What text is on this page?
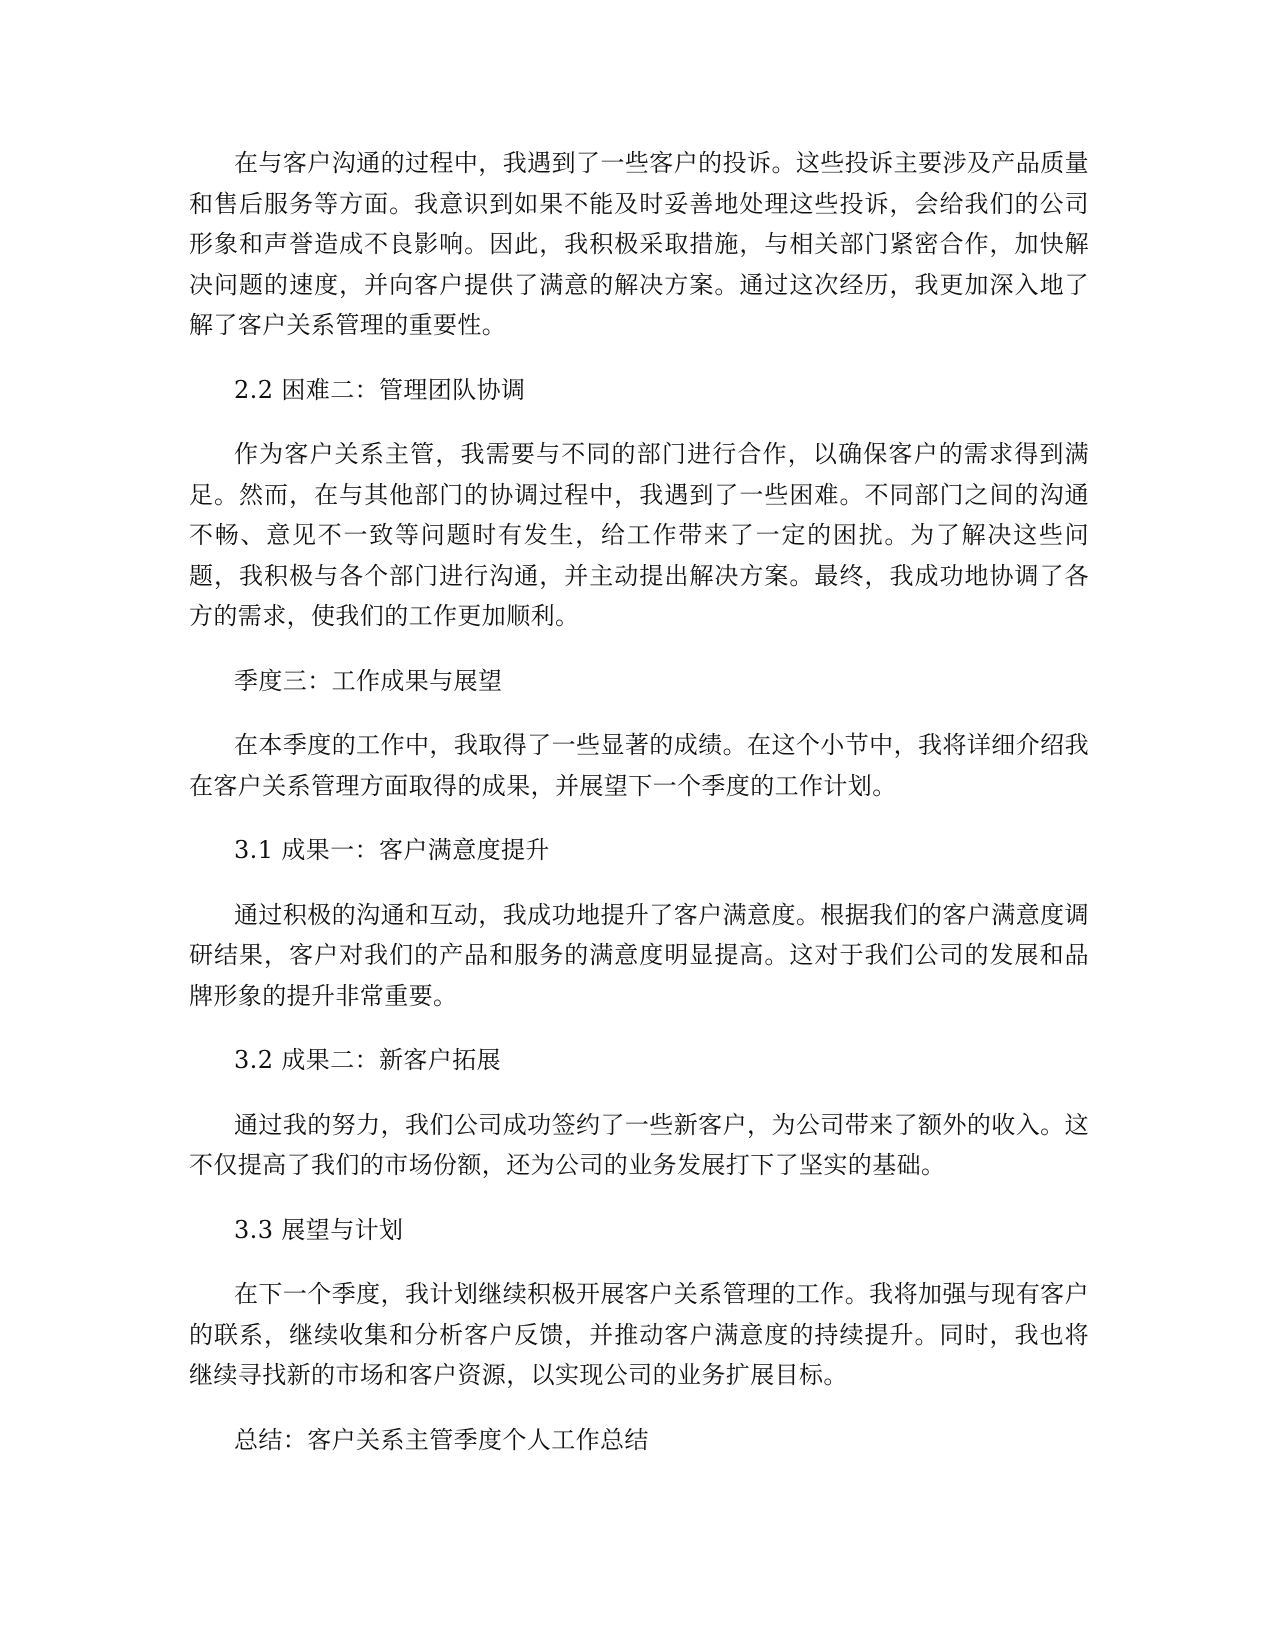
在与客户沟通的过程中，我遇到了一些客户的投诉。这些投诉主要涉及产品质量和售后服务等方面。我意识到如果不能及时妥善地处理这些投诉，会给我们的公司形象和声誉造成不良影响。因此，我积极采取措施，与相关部门紧密合作，加快解决问题的速度，并向客户提供了满意的解决方案。通过这次经历，我更加深入地了解了客户关系管理的重要性。

2.2 困难二：管理团队协调

作为客户关系主管，我需要与不同的部门进行合作，以确保客户的需求得到满足。然而，在与其他部门的协调过程中，我遇到了一些困难。不同部门之间的沟通不畅、意见不一致等问题时有发生，给工作带来了一定的困扰。为了解决这些问题，我积极与各个部门进行沟通，并主动提出解决方案。最终，我成功地协调了各方的需求，使我们的工作更加顺利。

季度三：工作成果与展望

在本季度的工作中，我取得了一些显著的成绩。在这个小节中，我将详细介绍我在客户关系管理方面取得的成果，并展望下一个季度的工作计划。

3.1 成果一：客户满意度提升

通过积极的沟通和互动，我成功地提升了客户满意度。根据我们的客户满意度调研结果，客户对我们的产品和服务的满意度明显提高。这对于我们公司的发展和品牌形象的提升非常重要。

3.2 成果二：新客户拓展

通过我的努力，我们公司成功签约了一些新客户，为公司带来了额外的收入。这不仅提高了我们的市场份额，还为公司的业务发展打下了坚实的基础。

3.3 展望与计划

在下一个季度，我计划继续积极开展客户关系管理的工作。我将加强与现有客户的联系，继续收集和分析客户反馈，并推动客户满意度的持续提升。同时，我也将继续寻找新的市场和客户资源，以实现公司的业务扩展目标。

总结：客户关系主管季度个人工作总结
